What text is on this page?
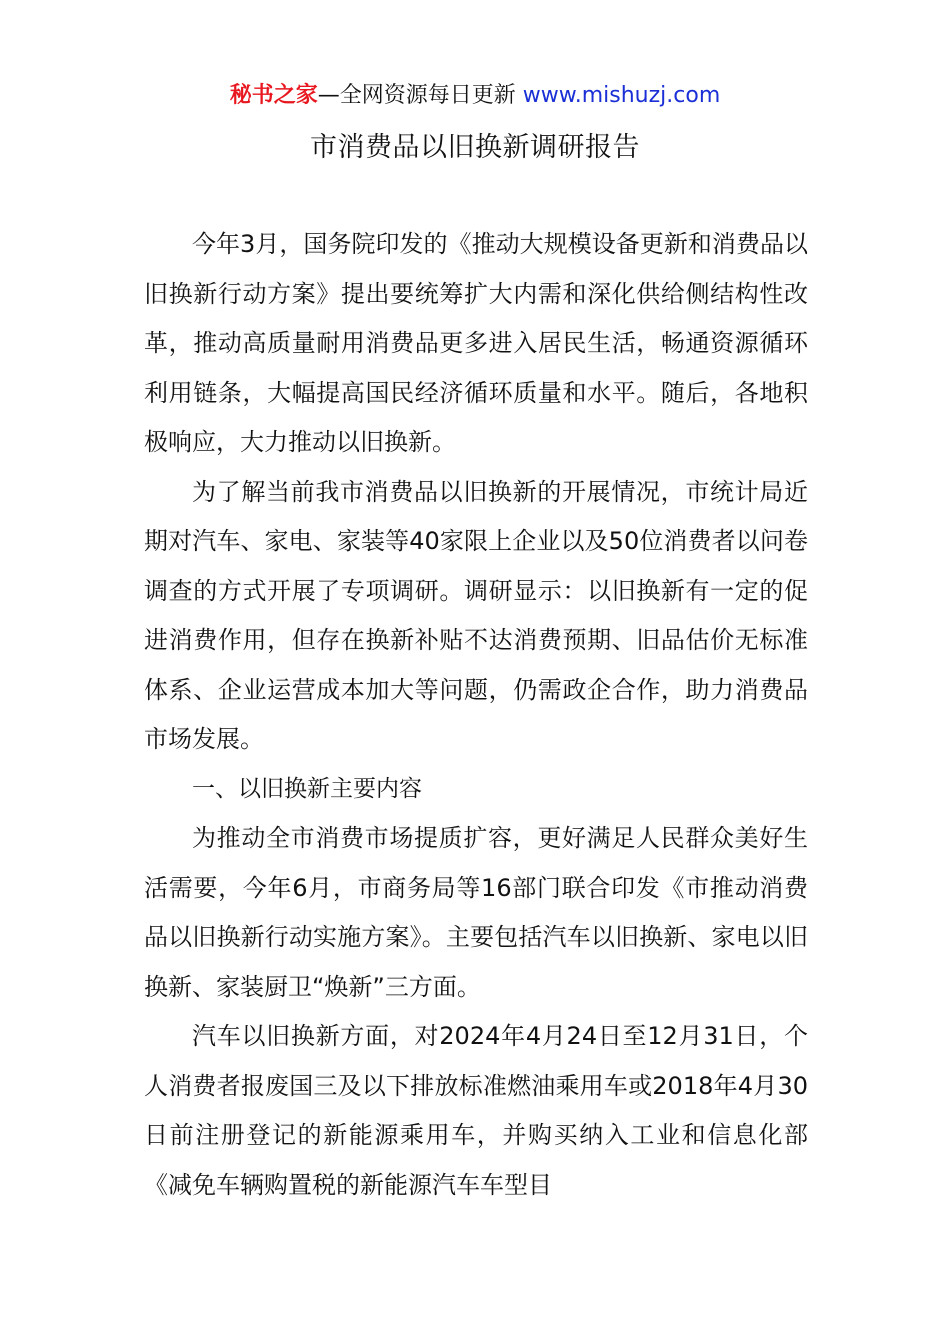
秘书之家—全网资源每日更新 www.mishuzj.com
市消费品以旧换新调研报告

今年3月，国务院印发的《推动大规模设备更新和消费品以旧换新行动方案》提出要统筹扩大内需和深化供给侧结构性改革，推动高质量耐用消费品更多进入居民生活，畅通资源循环利用链条，大幅提高国民经济循环质量和水平。随后，各地积极响应，大力推动以旧换新。

为了解当前我市消费品以旧换新的开展情况，市统计局近期对汽车、家电、家装等40家限上企业以及50位消费者以问卷调查的方式开展了专项调研。调研显示：以旧换新有一定的促进消费作用，但存在换新补贴不达消费预期、旧品估价无标准体系、企业运营成本加大等问题，仍需政企合作，助力消费品市场发展。

一、以旧换新主要内容

为推动全市消费市场提质扩容，更好满足人民群众美好生活需要，今年6月，市商务局等16部门联合印发《市推动消费品以旧换新行动实施方案》。主要包括汽车以旧换新、家电以旧换新、家装厨卫“焕新”三方面。

汽车以旧换新方面，对2024年4月24日至12月31日，个人消费者报废国三及以下排放标准燃油乘用车或2018年4月30日前注册登记的新能源乘用车，并购买纳入工业和信息化部《减免车辆购置税的新能源汽车车型目
